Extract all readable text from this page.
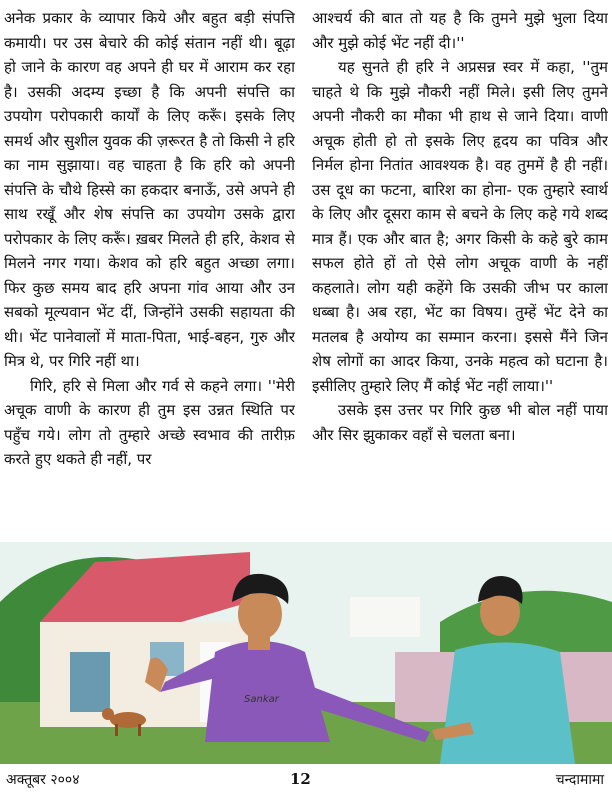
अनेक प्रकार के व्यापार किये और बहुत बड़ी संपत्ति कमायी। पर उस बेचारे की कोई संतान नहीं थी। बूढ़ा हो जाने के कारण वह अपने ही घर में आराम कर रहा है। उसकी अदम्य इच्छा है कि अपनी संपत्ति का उपयोग परोपकारी कार्यों के लिए करूँ। इसके लिए समर्थ और सुशील युवक की ज़रूरत है तो किसी ने हरि का नाम सुझाया। वह चाहता है कि हरि को अपनी संपत्ति के चौथे हिस्से का हकदार बनाऊँ, उसे अपने ही साथ रखूँ और शेष संपत्ति का उपयोग उसके द्वारा परोपकार के लिए करूँ। ख़बर मिलते ही हरि, केशव से मिलने नगर गया। केशव को हरि बहुत अच्छा लगा। फिर कुछ समय बाद हरि अपना गांव आया और उन सबको मूल्यवान भेंट दीं, जिन्होंने उसकी सहायता की थी। भेंट पानेवालों में माता-पिता, भाई-बहन, गुरु और मित्र थे, पर गिरि नहीं था।

गिरि, हरि से मिला और गर्व से कहने लगा। ''मेरी अचूक वाणी के कारण ही तुम इस उन्नत स्थिति पर पहुँच गये। लोग तो तुम्हारे अच्छे स्वभाव की तारीफ़ करते हुए थकते ही नहीं, पर

आश्चर्य की बात तो यह है कि तुमने मुझे भुला दिया और मुझे कोई भेंट नहीं दी।''

यह सुनते ही हरि ने अप्रसन्न स्वर में कहा, ''तुम चाहते थे कि मुझे नौकरी नहीं मिले। इसी लिए तुमने अपनी नौकरी का मौका भी हाथ से जाने दिया। वाणी अचूक होती हो तो इसके लिए हृदय का पवित्र और निर्मल होना नितांत आवश्यक है। वह तुममें है ही नहीं। उस दूध का फटना, बारिश का होना- एक तुम्हारे स्वार्थ के लिए और दूसरा काम से बचने के लिए कहे गये शब्द मात्र हैं। एक और बात है; अगर किसी के कहे बुरे काम सफल होते हों तो ऐसे लोग अचूक वाणी के नहीं कहलाते। लोग यही कहेंगे कि उसकी जीभ पर काला धब्बा है। अब रहा, भेंट का विषय। तुम्हें भेंट देने का मतलब है अयोग्य का सम्मान करना। इससे मैंने जिन शेष लोगों का आदर किया, उनके महत्व को घटाना है। इसीलिए तुम्हारे लिए मैं कोई भेंट नहीं लाया।''

उसके इस उत्तर पर गिरि कुछ भी बोल नहीं पाया और सिर झुकाकर वहाँ से चलता बना।

Sankar
अक्तूबर २००४	12	चन्दामामा
